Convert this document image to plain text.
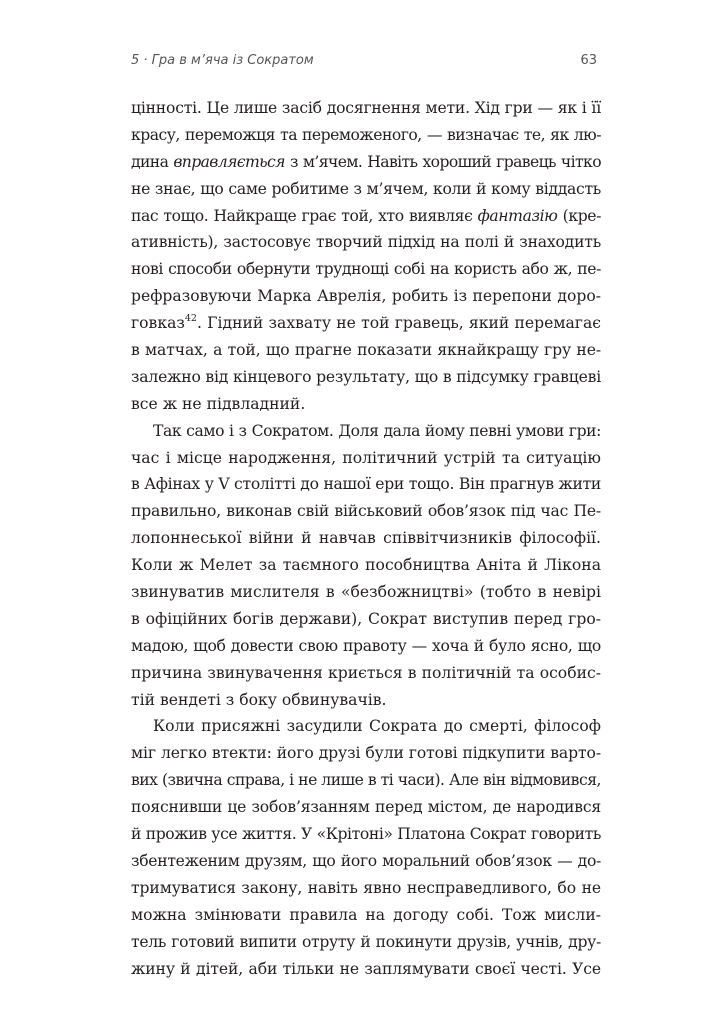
5 · Гра в м’яча із Сократом	63
цінності. Це лише засіб досягнення мети. Хід гри — як і її
красу, переможця та переможеного, — визначає те, як лю-
дина вправляється з м’ячем. Навіть хороший гравець чітко
не знає, що саме робитиме з м’ячем, коли й кому віддасть
пас тощо. Найкраще грає той, хто виявляє фантазію (кре-
ативність), застосовує творчий підхід на полі й знаходить
нові способи обернути труднощі собі на користь або ж, пе-
рефразовуючи Марка Аврелія, робить із перепони доро-
говказ$^{42}$. Гідний захвату не той гравець, який перемагає
в матчах, а той, що прагне показати якнайкращу гру не-
залежно від кінцевого результату, що в підсумку гравцеві
все ж не підвладний.
Так само і з Сократом. Доля дала йому певні умови гри:
час і місце народження, політичний устрій та ситуацію
в Афінах у V столітті до нашої ери тощо. Він прагнув жити
правильно, виконав свій військовий обов’язок під час Пе-
лопоннеської війни й навчав співвітчизників філософії.
Коли ж Мелет за таємного пособництва Аніта й Лікона
звинуватив мислителя в «безбожництві» (тобто в невірі
в офіційних богів держави), Сократ виступив перед гро-
мадою, щоб довести свою правоту — хоча й було ясно, що
причина звинувачення криється в політичній та особис-
тій вендеті з боку обвинувачів.
Коли присяжні засудили Сократа до смерті, філософ
міг легко втекти: його друзі були готові підкупити варто-
вих (звична справа, і не лише в ті часи). Але він відмовився,
пояснивши це зобов’язанням перед містом, де народився
й прожив усе життя. У «Крітоні» Платона Сократ говорить
збентеженим друзям, що його моральний обов’язок — до-
тримуватися закону, навіть явно несправедливого, бо не
можна змінювати правила на догоду собі. Тож мисли-
тель готовий випити отруту й покинути друзів, учнів, дру-
жину й дітей, аби тільки не заплямувати своєї честі. Усе
